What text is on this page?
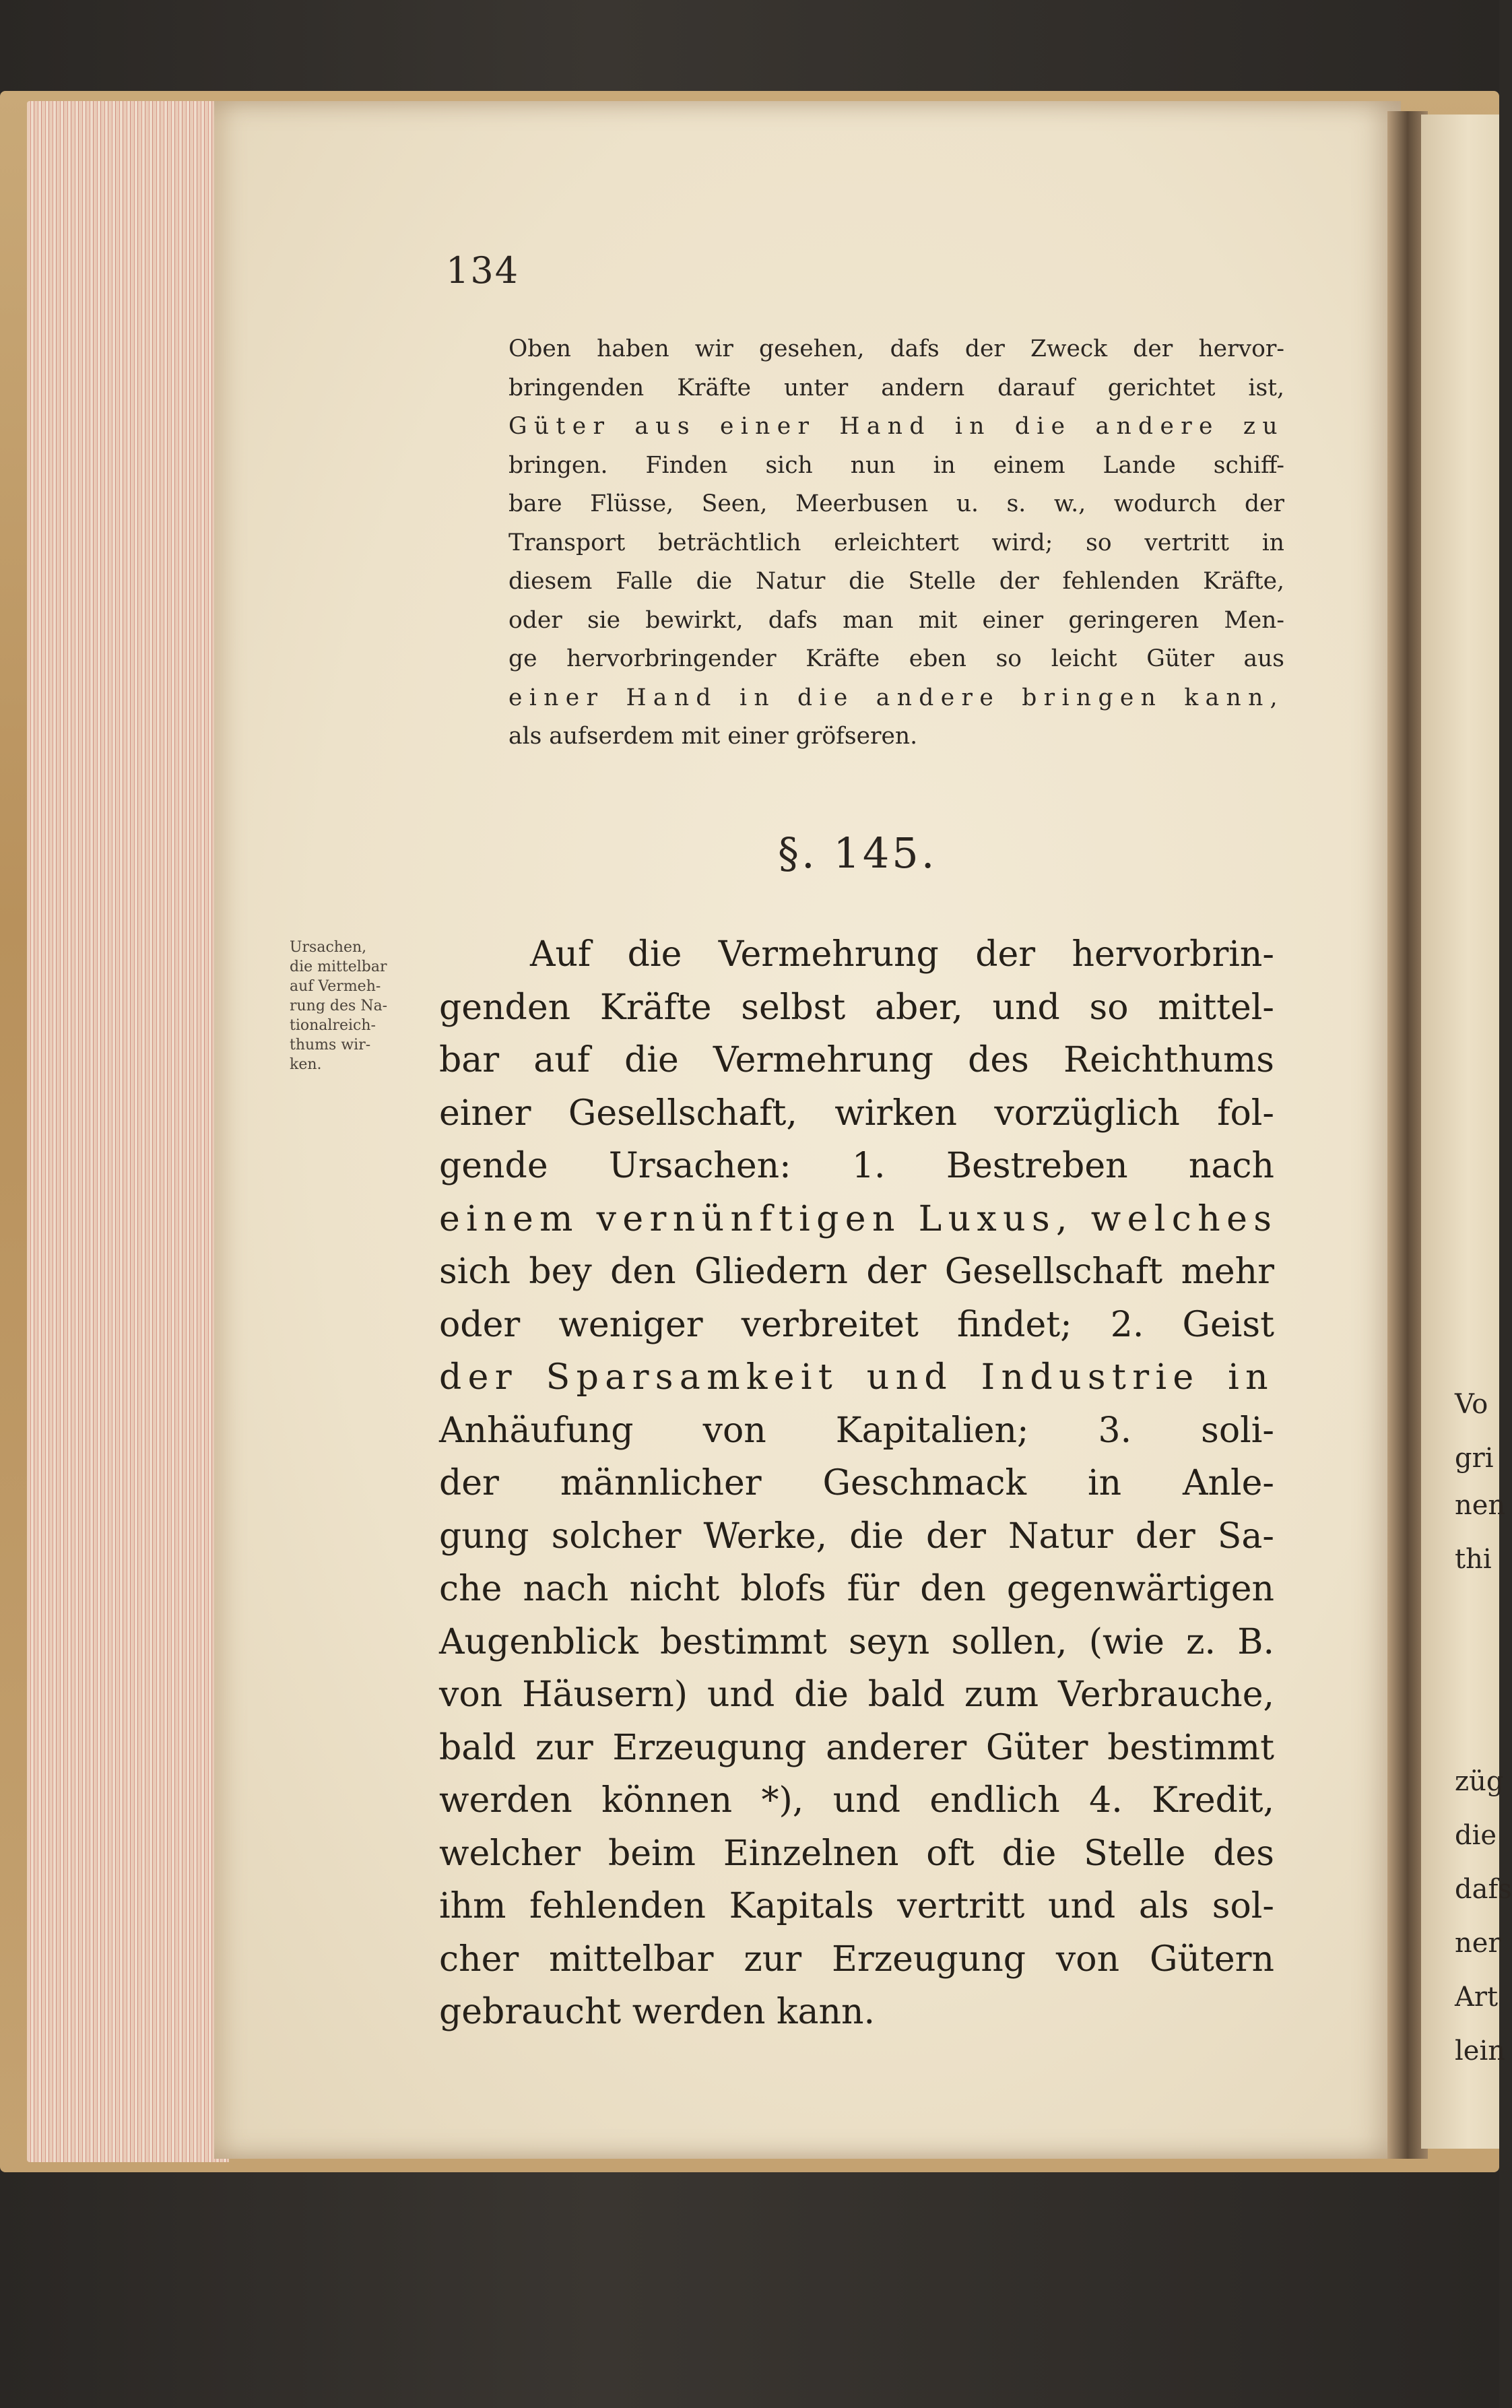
134

Oben haben wir gesehen, dafs der Zweck der hervor-
bringenden Kräfte unter andern darauf gerichtet ist,
Güter aus einer Hand in die andere zu
bringen. Finden sich nun in einem Lande schiff-
bare Flüsse, Seen, Meerbusen u. s. w., wodurch der
Transport beträchtlich erleichtert wird; so vertritt in
diesem Falle die Natur die Stelle der fehlenden Kräfte,
oder sie bewirkt, dafs man mit einer geringeren Men-
ge hervorbringender Kräfte eben so leicht Güter aus
einer Hand in die andere bringen kann,
als aufserdem mit einer gröfseren.

§. 145.

Ursachen,
die mittelbar
auf Vermeh-
rung des Na-
tionalreich-
thums wir-
ken.

Auf die Vermehrung der hervorbrin-
genden Kräfte selbst aber, und so mittel-
bar auf die Vermehrung des Reichthums
einer Gesellschaft, wirken vorzüglich fol-
gende Ursachen: 1. Bestreben nach
einem vernünftigen Luxus, welches
sich bey den Gliedern der Gesellschaft mehr
oder weniger verbreitet findet; 2. Geist
der Sparsamkeit und Industrie in
Anhäufung von Kapitalien; 3. soli-
der männlicher Geschmack in Anle-
gung solcher Werke, die der Natur der Sa-
che nach nicht blofs für den gegenwärtigen
Augenblick bestimmt seyn sollen, (wie z. B.
von Häusern) und die bald zum Verbrauche,
bald zur Erzeugung anderer Güter bestimmt
werden können *), und endlich 4. Kredit,
welcher beim Einzelnen oft die Stelle des
ihm fehlenden Kapitals vertritt und als sol-
cher mittelbar zur Erzeugung von Gütern
gebraucht werden kann.

Vo

gri

nen

thi

züg

die

dafs

ner

Art

lein
